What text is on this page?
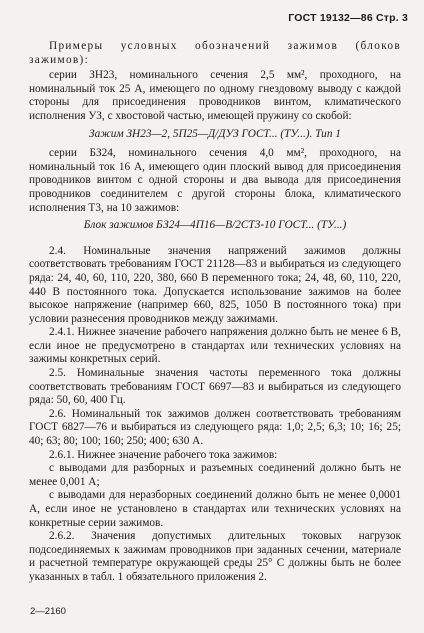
ГОСТ 19132—86 Стр. 3

Примеры условных обозначений зажимов (блоков зажимов):

серии ЗН23, номинального сечения 2,5 мм², проходного, на номинальный ток 25 А, имеющего по одному гнездовому выводу с каждой стороны для присоединения проводников винтом, климатического исполнения УЗ, с хвостовой частью, имеющей пружину со скобой:

Зажим ЗН23—2, 5П25—Д/ДУЗ ГОСТ... (ТУ...). Тип 1

серии БЗ24, номинального сечения 4,0 мм², проходного, на номинальный ток 16 А, имеющего один плоский вывод для присоединения проводников винтом с одной стороны и два вывода для присоединения проводников соединителем с другой стороны блока, климатического исполнения Т3, на 10 зажимов:

Блок зажимов БЗ24—4П16—В/2СТ3-10 ГОСТ... (ТУ...)

2.4. Номинальные значения напряжений зажимов должны соответствовать требованиям ГОСТ 21128—83 и выбираться из следующего ряда: 24, 40, 60, 110, 220, 380, 660 В переменного тока; 24, 48, 60, 110, 220, 440 В постоянного тока. Допускается использование зажимов на более высокое напряжение (например 660, 825, 1050 В постоянного тока) при условии разнесения проводников между зажимами.

2.4.1. Нижнее значение рабочего напряжения должно быть не менее 6 В, если иное не предусмотрено в стандартах или технических условиях на зажимы конкретных серий.

2.5. Номинальные значения частоты переменного тока должны соответствовать требованиям ГОСТ 6697—83 и выбираться из следующего ряда: 50, 60, 400 Гц.

2.6. Номинальный ток зажимов должен соответствовать требованиям ГОСТ 6827—76 и выбираться из следующего ряда: 1,0; 2,5; 6,3; 10; 16; 25; 40; 63; 80; 100; 160; 250; 400; 630 А.

2.6.1. Нижнее значение рабочего тока зажимов:

с выводами для разборных и разъемных соединений должно быть не менее 0,001 А;

с выводами для неразборных соединений должно быть не менее 0,0001 А, если иное не установлено в стандартах или технических условиях на конкретные серии зажимов.

2.6.2. Значения допустимых длительных токовых нагрузок подсоединяемых к зажимам проводников при заданных сечении, материале и расчетной температуре окружающей среды 25° С должны быть не более указанных в табл. 1 обязательного приложения 2.

2—2160
